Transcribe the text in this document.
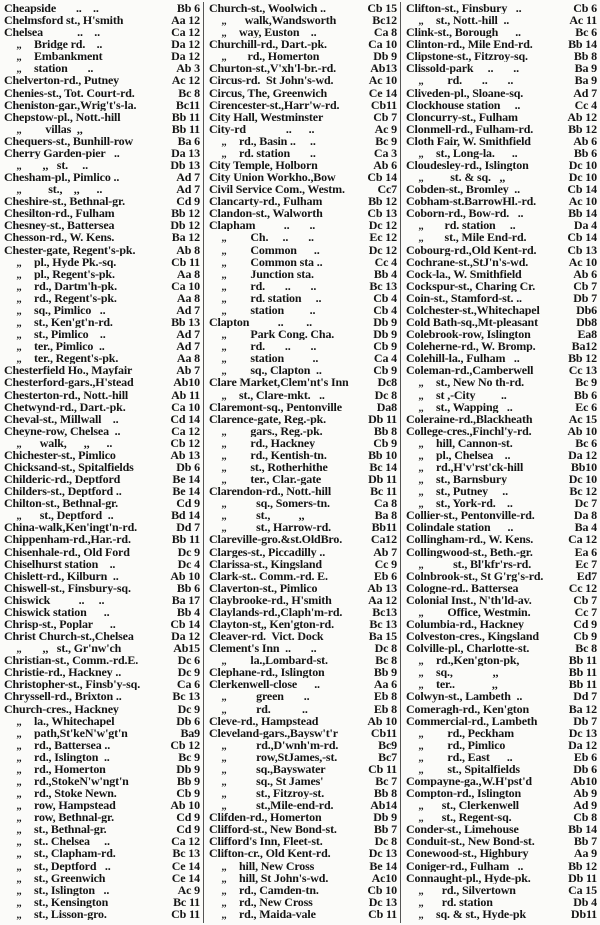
Cheapside       ..    ..	Bb 6
Chelmsford st., H'smith	Aa 12
Chelsea            ..    ..	Ca 12
,,	Bridge rd.    ..	Da 12
,,	Embankment	Da 12
,,	station       ..	Ab 3
Chelverton-rd., Putney	Ac 12
Chenies-st., Tot. Court-rd.	Bc 8
Cheniston-gar.,Wrig't's-la.	Bc11
Chepstow-pl., Nott.-hill	Bb 11
,,	villas  ,,	Bb 11
Chequers-st., Bunhill-row	Ba 6
Cherry Garden-pier   ..	Da 13
,,	,,   st.     ..	Db 13
Chesham-pl., Pimlico ..	Ad 7
,,	st.,    ,,      ..	Ad 7
Cheshire-st., Bethnal-gr.	Cd 9
Chesilton-rd., Fulham	Bb 12
Chesney-st., Battersea	Db 12
Chesson-rd., W. Kens.	Ba 12
Chester-gate, Regent's-pk.	Ab 8
,,	pl., Hyde Pk.-sq.	Cb 11
,,	pl., Regent's-pk.	Aa 8
,,	rd., Dartm'h-pk.	Ca 10
,,	rd., Regent's-pk.	Aa 8
,,	sq., Pimlico   ..	Ad 7
,,	st., Ken'gt'n-rd.	Bb 13
,,	st., Pimlico    ..	Ad 7
,,	ter., Pimlico  ..	Ad 7
,,	ter., Regent's-pk.	Aa 8
Chesterfield Ho., Mayfair	Ab 7
Chesterford-gars.,H'stead	Ab10
Chesterton-rd., Nott.-hill	Ab 11
Chetwynd-rd., Dart.-pk.	Ca 10
Cheval-st., Millwall    ..	Cd 14
Cheyne-row, Chelsea  ..	Ca 12
,,	walk,      ,,      ..	Cb 12
Chichester-st., Pimlico	Ab 13
Chicksand-st., Spitalfields	Db 6
Childeric-rd., Deptford	Be 14
Childers-st., Deptford ..	Be 14
Chilton-st., Bethnal-gr.	Cd 9
,,	st., Deptford  ..	Bd 14
China-walk,Ken'ingt'n-rd.	Dd 7
Chippenham-rd.,Har.-rd.	Bb 11
Chisenhale-rd., Old Ford	Dc 9
Chiselhurst station    ..	Dc 4
Chislett-rd., Kilburn  ..	Ab 10
Chiswell-st., Finsbury-sq.	Bb 6
Chiswick          ..     ..	Ba 17
Chiswick station      ..	Bb 4
Chrisp-st., Poplar      ..	Cb 14
Christ Church-st.,Chelsea	Da 12
,,	,,   st., Gr'nw'ch	Ab15
Christian-st., Comm.-rd.E.	Dc 6
Christie-rd., Hackney ..	Dc 9
Christopher-st., Finsb'y-sq.	Ca 6
Chryssell-rd., Brixton ..	Bc 13
Church-cres., Hackney	Dc 9
,,	la., Whitechapel	Db 6
,,	path,St'keN'w'gt'n	Ba9
,,	rd., Battersea ..	Cb 12
,,	rd., Islington  ..	Bc 9
,,	rd., Homerton	Db 9
,,	rd.,StokeN'w'ngt'n	Bb 9
,,	rd., Stoke Newn.	Cb 9
,,	row, Hampstead	Ab 10
,,	row, Bethnal-gr.	Cd 9
,,	st., Bethnal-gr.	Cd 9
,,	st.. Chelsea     ..	Ca 12
,,	st., Clapham-rd.	Bc 13
,,	st., Deptford   ..	Ce 14
,,	st., Greenwich	Ce 14
,,	st., Islington   ..	Ac 9
,,	st., Kensington	Bc 11
,,	st., Lisson-gro.	Cb 11
Church-st., Woolwich ..	Cb 15
,,	walk,Wandsworth	Bc12
,,	way, Euston    ..	Ca 8
Churchill-rd., Dart.-pk.	Ca 10
,,	rd., Homerton	Db 9
Churton-st.,V'xh'l-br.-rd.	Ab13
Circus-rd.  St John's-wd.	Ac 10
Circus, The, Greenwich	Ce 14
Cirencester-st.,Harr'w-rd.	Cb11
City Hall, Westminster	Cb 7
City-rd              ..      ..	Ac 9
,,	rd., Basin ..     ..	Bc 9
,,	rd. station       ..	Ca 3
City Temple, Holborn	Ab 6
City Union Workho.,Bow	Cb 14
Civil Service Com., Westm.	Cc7
Clancarty-rd., Fulham	Bb 12
Clandon-st., Walworth	Cb 13
Clapham          ..       ..	Dc 12
,,	Ch.     ..       ..	Ec 12
,,	Common      ..	Dc 12
,,	Common sta ..	Cc 4
,,	Junction sta.	Bb 4
,,	rd.       ..       ..	Bc 13
,,	rd. station     ..	Cb 4
,,	station         ..	Cb 4
Clapton          ..        ..	Db 9
,,	Park Cong. Cha.	Db 9
,,	rd.       ..       ..	Cb 9
,,	station          ..	Ca 4
,,	sq., Clapton  ..	Cb 9
Clare Market,Clem'nt's Inn	Dc8
,,	st., Clare-mkt.   ..	Dc 8
Claremont-sq., Pentonville	Da8
Clarence-gate, Reg.-pk.	Db 11
,,	gars., Reg.-pk.	Bb 8
,,	rd., Hackney	Cb 9
,,	rd., Kentish-tn.	Bb 10
,,	st., Rotherhithe	Bc 14
,,	ter., Clar.-gate	Db 11
Clarendon-rd., Nott.-hill	Bc 11
,,	sq., Somers-tn.	Ca 8
,,	st.,          ,,	Ba 8
,,	st., Harrow-rd.	Bb11
Clareville-gro.&st.OldBro.	Ca12
Clarges-st., Piccadilly ..	Ab 7
Clarissa-st., Kingsland	Cc 9
Clark-st.. Comm.-rd. E.	Eb 6
Claverton-st., Pimlico	Ab 13
Claybrooke-rd., H'smith	Aa 12
Claylands-rd.,Claph'm-rd.	Bc13
Clayton-st,, Ken'gton-rd.	Bc 13
Cleaver-rd.  Vict. Dock	Ba 15
Clement's Inn  ..       ..	Dc 8
,,	la.,Lombard-st.	Bc 8
Clephane-rd., Islington	Bb 9
Clerkenwell-close      ..	Aa 6
,,	green       ..	Eb 8
,,	rd.           ..	Eb 8
Cleve-rd., Hampstead	Ab 10
Cleveland-gars.,Baysw't'r	Cb11
,,	rd.,D'wnh'm-rd.	Bc9
,,	row,StJames,-st.	Bc7
,,	sq.,Bayswater	Cb 11
,,	sq., St James'	Bc 7
,,	st., Fitzroy-st.	Bb 8
,,	st.,Mile-end-rd.	Ab14
Clifden-rd., Homerton	Db 9
Clifford-st., New Bond-st.	Bb 7
Clifford's Inn, Fleet-st.	Dc 8
Clifton-cr., Old Kent-rd.	Dc 13
,,	hill, New Cross	Be 14
,,	hill, St John's-wd.	Ac10
,,	rd., Camden-tn.	Cb 10
,,	rd., New Cross	Dc 13
,,	rd., Maida-vale	Cb 11
Clifton-st., Finsbury   ..	Cb 6
,,	st., Nott.-hill  ..	Ac 11
Clink-st., Borough      ..	Bc 6
Clinton-rd., Mile End-rd.	Bb 14
Clipstone-st., Fitzroy-sq.	Bb 8
Clissold-park     ..       ..	Ba 9
,,	rd.       ..       ..	Ba 9
Cliveden-pl., Sloane-sq.	Ad 7
Clockhouse station     ..	Cc 4
Cloncurry-st., Fulham	Ab 12
Clonmell-rd., Fulham-rd.	Bb 12
Cloth Fair, W. Smithfield	Ab 6
,,	st., Long-la.      ..	Bb 6
Cloudesley-rd., Islington	Dc 10
,,	st. & sq.   ,,	Dc 10
Cobden-st., Bromley  ..	Cb 14
Cobham-st.BarrowHl.-rd.	Ac 10
Coborn-rd., Bow-rd.   ..	Bb 14
,,	rd. station     ..	Da 4
,,	st., Mile End-rd.	Cb 14
Cobourg-rd.,Old Kent-rd.	Cb 13
Cochrane-st.,StJ'n's-wd.	Ac 10
Cock-la., W. Smithfield	Ab 6
Cockspur-st., Charing Cr.	Cb 7
Coin-st., Stamford-st. ..	Db 7
Colchester-st.,Whitechapel	Db6
Cold Bath-sq.,Mt-pleasant	Db8
Colebrook-row, Islington	Ea8
Coleherne-rd., W. Bromp.	Ba12
Colehill-la., Fulham   ..	Bb 12
Coleman-rd.,Camberwell	Cc 13
,,	st., New No th-rd.	Bc 9
,,	st ,-City         ..	Bb 6
,,	st., Wapping   ..	Ec 6
Coleraine-rd.,Blackheath	Ac 15
College-cres.,Finchl'y-rd.	Ab 10
,,	hill, Cannon-st.	Bc 6
,,	pl., Chelsea    ..	Da 12
,,	rd.,H'v'rst'ck-hill	Bb10
,,	st., Barnsbury	Dc 10
,,	st., Putney     ..	Bc 12
,,	st., York-rd.    ..	Dc 7
Collier-st., Pentonville-rd.	Da 8
Colindale station      ..	Ba 4
Collingham-rd., W. Kens.	Ca 12
Collingwood-st., Beth.-gr.	Ea 6
,,	st., Bl'kfr'rs-rd.	Ec 7
Colnbrook-st., St G'rg's-rd.	Ed7
Cologne-rd.. Battersea	Cc 12
Colonial Inst., N'th'ld-av.	Cb 7
,,	Office, Westmin.	Cc 7
Columbia-rd., Hackney	Cd 9
Colveston-cres., Kingsland	Cb 9
Colville-pl., Charlotte-st.	Bc 8
,,	rd.,Ken'gton-pk,	Bb 11
,,	sq.,              ,,	Bb 11
,,	ter..             ,,	Bb 11
Colwyn-st., Lambeth  ..	Dd 7
Comeragh-rd., Ken'gton	Ba 12
Commercial-rd., Lambeth	Db 7
,,	rd., Peckham	Dc 13
,,	rd., Pimlico	Da 12
,,	rd., East      ..	Eb 6
,,	st., Spitalfields	Db 6
Compayne-ga.,W.H'pst'd	Ab10
Compton-rd., Islington	Ab 9
,,	st., Clerkenwell	Ad 9
,,	st., Regent-sq.	Cb 8
Conder-st., Limehouse	Bb 14
Conduit-st., New Bond-st.	Bb 7
Conewood-st., Highbury	Aa 9
Coniger-rd., Fulham   ..	Bb 12
Connaught-pl., Hyde-pk.	Db 11
,,	rd., Silvertown	Ca 15
,,	rd. station	Db 4
,,	sq. & st., Hyde-pk	Db11
